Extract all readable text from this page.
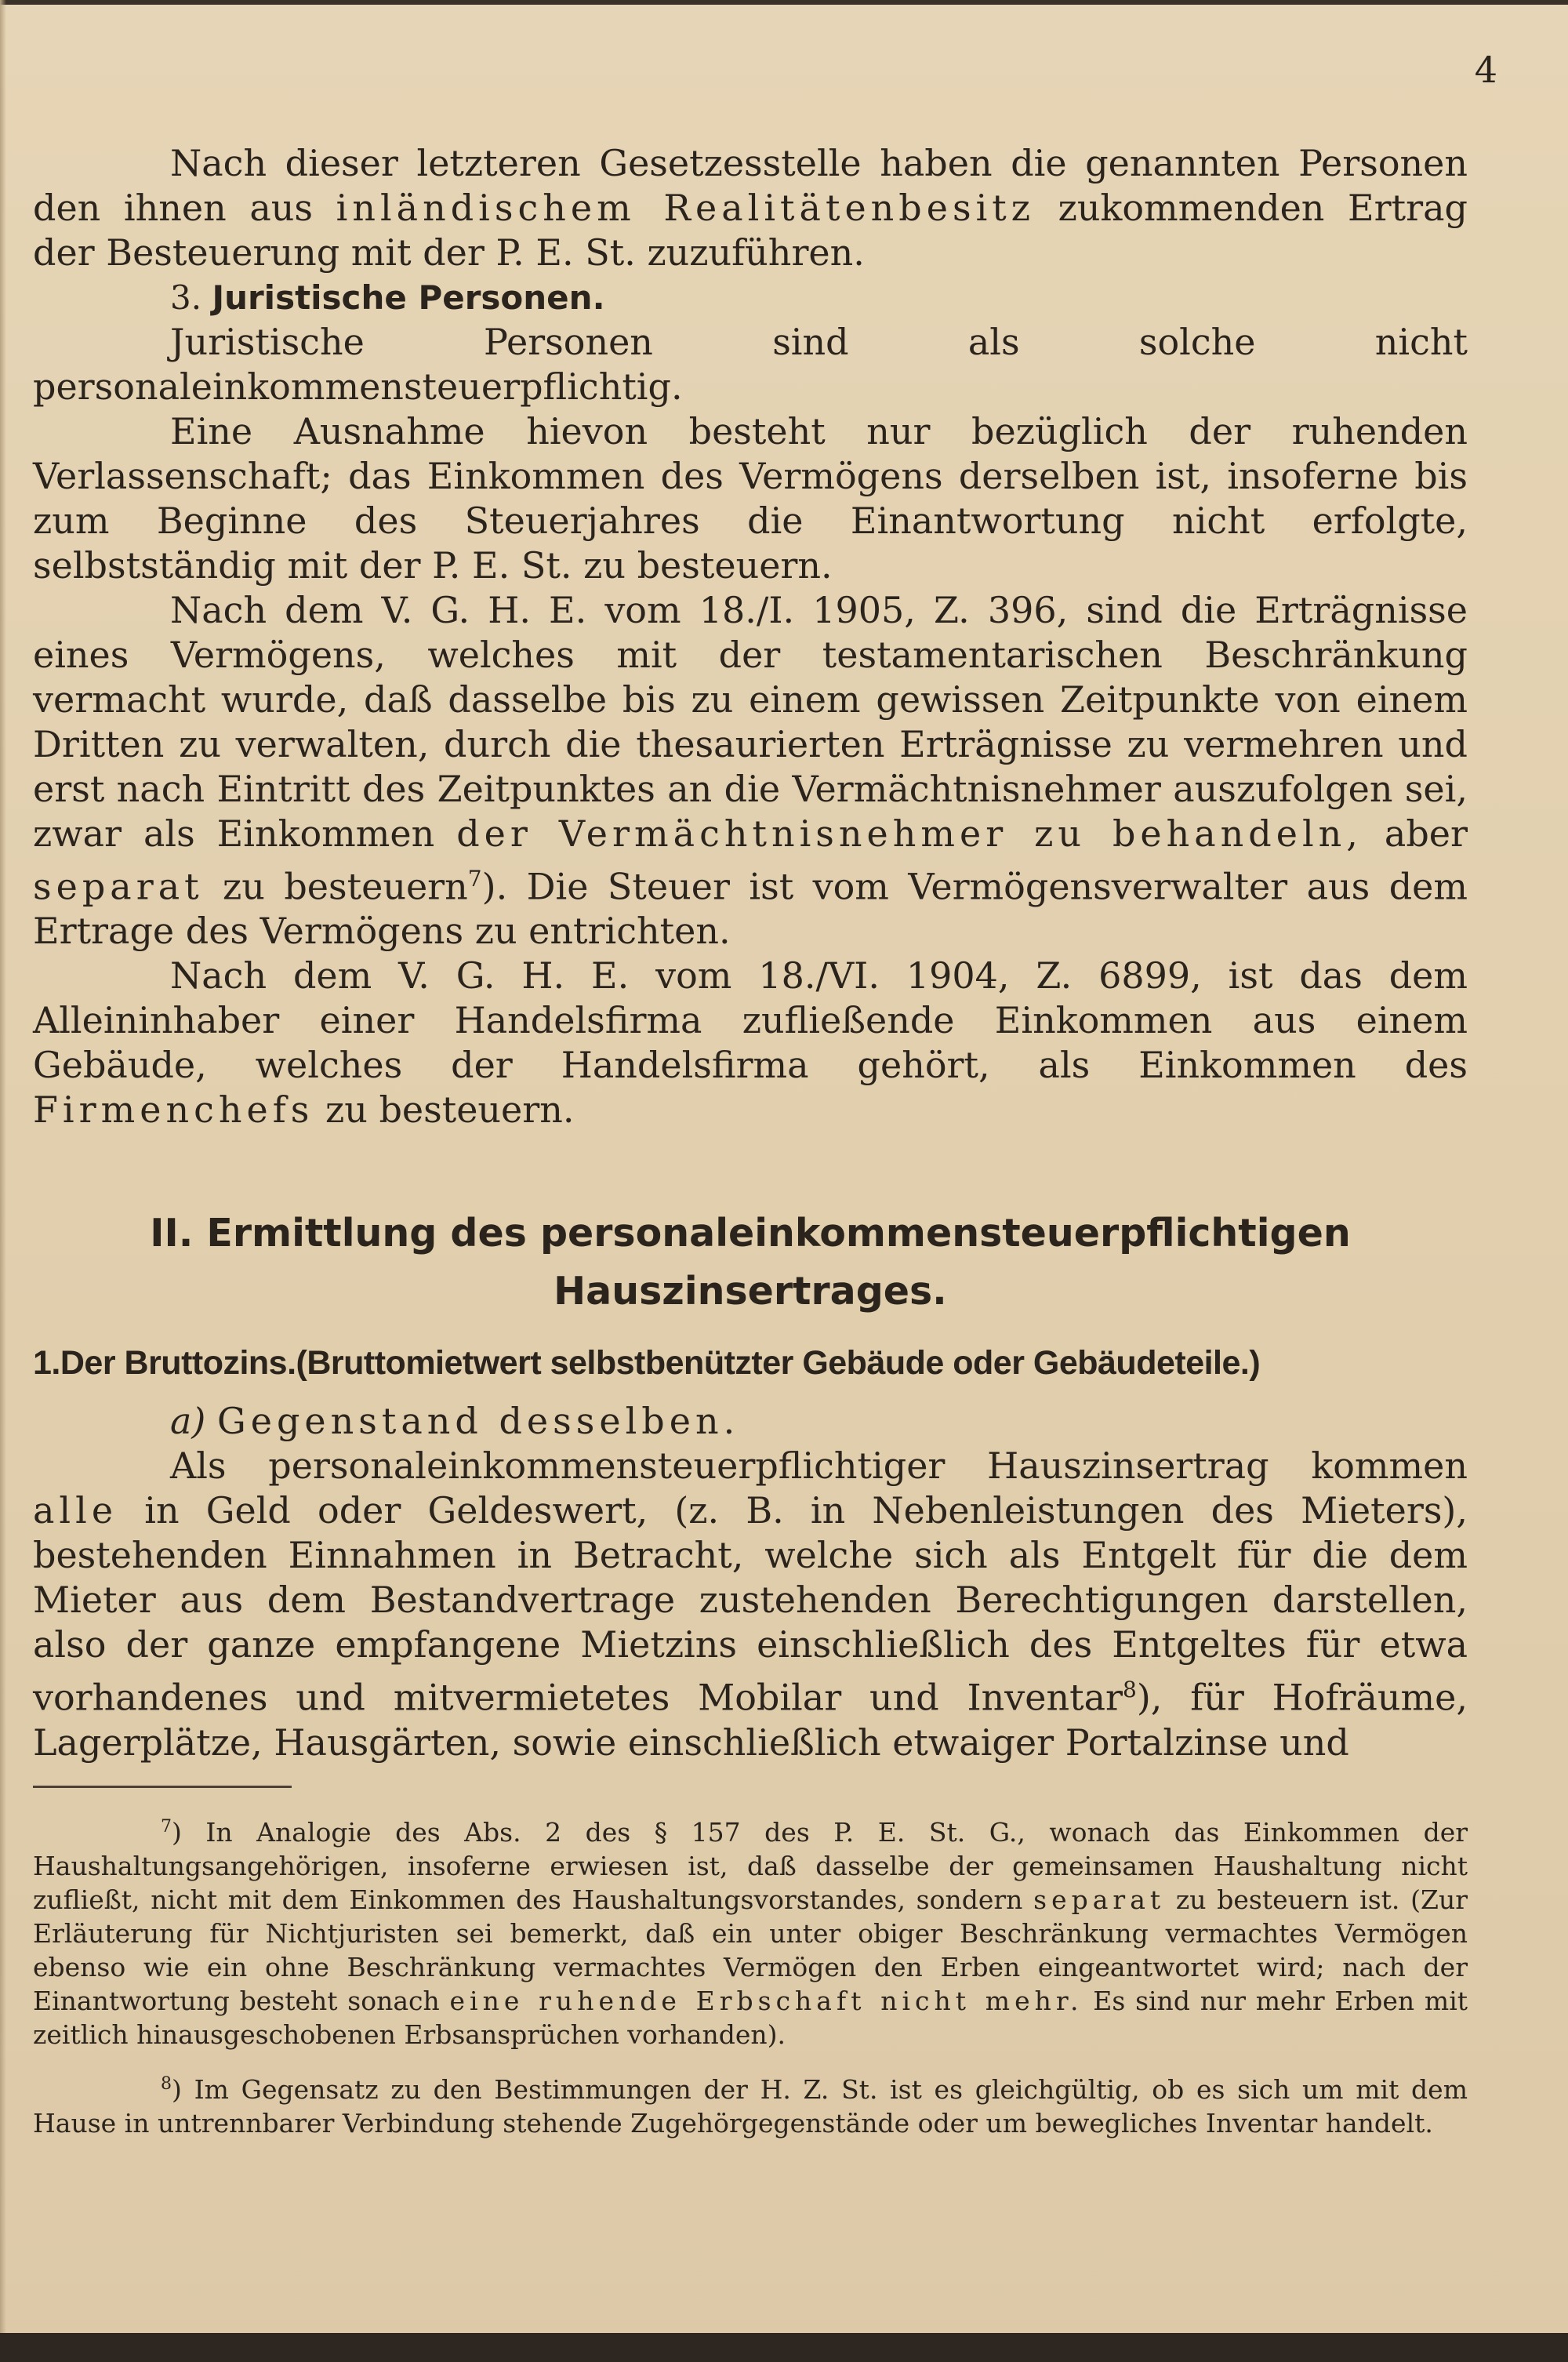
4

Nach dieser letzteren Gesetzesstelle haben die genannten Personen den ihnen aus inländischem Realitätenbesitz zukommenden Ertrag der Besteuerung mit der P. E. St. zuzuführen.

3. Juristische Personen.

Juristische Personen sind als solche nicht personaleinkommensteuerpflichtig.

Eine Ausnahme hievon besteht nur bezüglich der ruhenden Verlassenschaft; das Einkommen des Vermögens derselben ist, insoferne bis zum Beginne des Steuerjahres die Einantwortung nicht erfolgte, selbstständig mit der P. E. St. zu besteuern.

Nach dem V. G. H. E. vom 18./I. 1905, Z. 396, sind die Erträgnisse eines Vermögens, welches mit der testamentarischen Beschränkung vermacht wurde, daß dasselbe bis zu einem gewissen Zeitpunkte von einem Dritten zu verwalten, durch die thesaurierten Erträgnisse zu vermehren und erst nach Eintritt des Zeitpunktes an die Vermächtnisnehmer auszufolgen sei, zwar als Einkommen der Vermächtnisnehmer zu behandeln, aber separat zu besteuern$^7$). Die Steuer ist vom Vermögensverwalter aus dem Ertrage des Vermögens zu entrichten.

Nach dem V. G. H. E. vom 18./VI. 1904, Z. 6899, ist das dem Alleininhaber einer Handelsfirma zufließende Einkommen aus einem Gebäude, welches der Handelsfirma gehört, als Einkommen des Firmenchefs zu besteuern.

II. Ermittlung des personaleinkommensteuerpflichtigen Hauszinsertrages.
1.Der Bruttozins.(Bruttomietwert selbstbenützter Gebäude oder Gebäudeteile.)

a) Gegenstand desselben.

Als personaleinkommensteuerpflichtiger Hauszinsertrag kommen alle in Geld oder Geldeswert, (z. B. in Nebenleistungen des Mieters), bestehenden Einnahmen in Betracht, welche sich als Entgelt für die dem Mieter aus dem Bestandvertrage zustehenden Berechtigungen darstellen, also der ganze empfangene Mietzins einschließlich des Entgeltes für etwa vorhandenes und mitvermietetes Mobilar und Inventar$^8$), für Hofräume, Lagerplätze, Hausgärten, sowie einschließlich etwaiger Portalzinse und

$^7$) In Analogie des Abs. 2 des § 157 des P. E. St. G., wonach das Einkommen der Haushaltungsangehörigen, insoferne erwiesen ist, daß dasselbe der gemeinsamen Haushaltung nicht zufließt, nicht mit dem Einkommen des Haushaltungsvorstandes, sondern separat zu besteuern ist. (Zur Erläuterung für Nichtjuristen sei bemerkt, daß ein unter obiger Beschränkung vermachtes Vermögen ebenso wie ein ohne Beschränkung vermachtes Vermögen den Erben eingeantwortet wird; nach der Einantwortung besteht sonach eine ruhende Erbschaft nicht mehr. Es sind nur mehr Erben mit zeitlich hinausgeschobenen Erbsansprüchen vorhanden).

$^8$) Im Gegensatz zu den Bestimmungen der H. Z. St. ist es gleichgültig, ob es sich um mit dem Hause in untrennbarer Verbindung stehende Zugehörgegenstände oder um bewegliches Inventar handelt.
